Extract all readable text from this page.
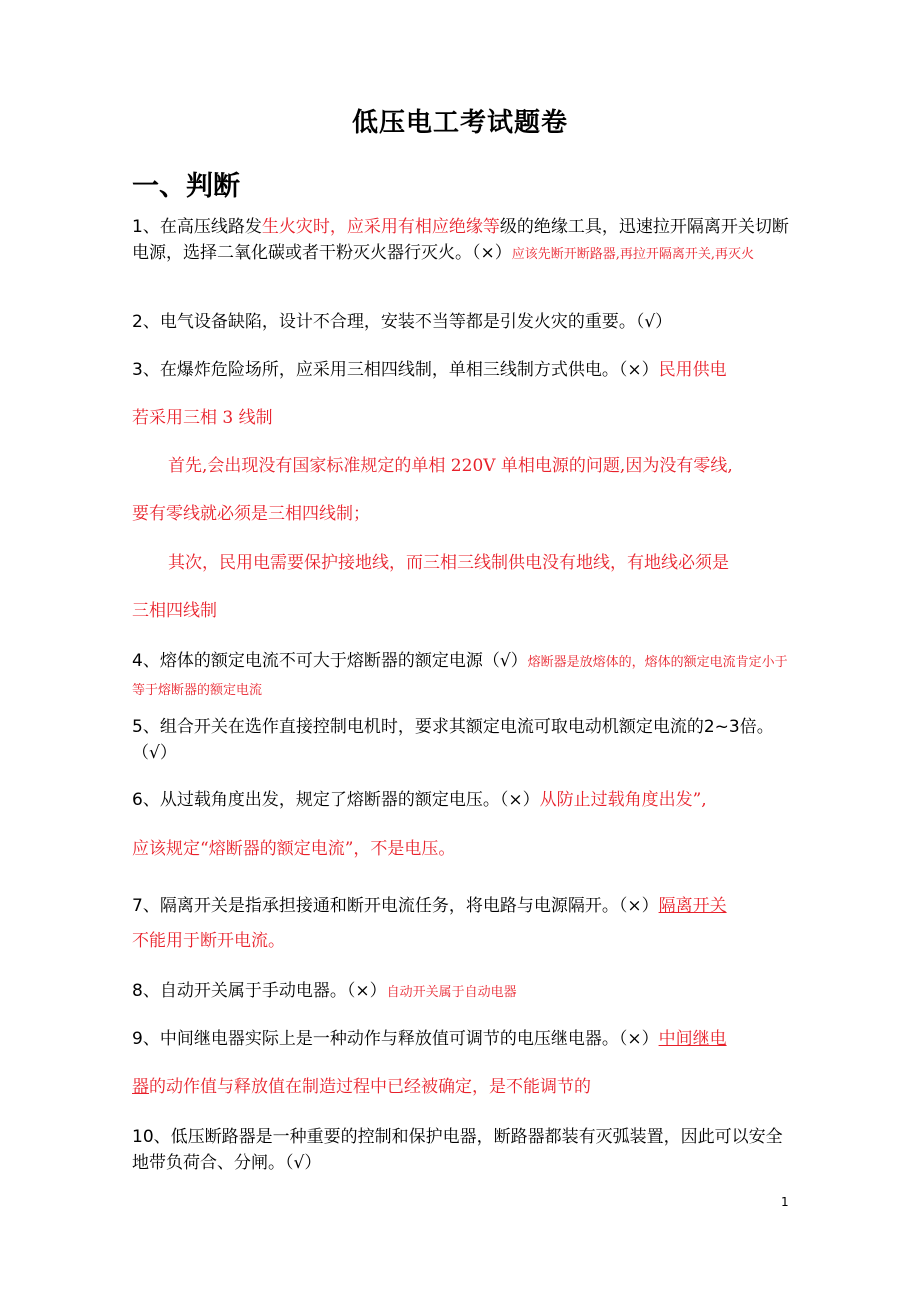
低压电工考试题卷
一、判断
1、在高压线路发生火灾时，应采用有相应绝缘等级的绝缘工具，迅速拉开隔离开关切断电源，选择二氧化碳或者干粉灭火器行灭火。（×）应该先断开断路器,再拉开隔离开关,再灭火
2、电气设备缺陷，设计不合理，安装不当等都是引发火灾的重要。（√）
3、在爆炸危险场所，应采用三相四线制，单相三线制方式供电。（×）民用供电
若采用三相 3 线制
首先,会出现没有国家标准规定的单相 220V 单相电源的问题,因为没有零线,
要有零线就必须是三相四线制；
其次，民用电需要保护接地线，而三相三线制供电没有地线，有地线必须是
三相四线制
4、熔体的额定电流不可大于熔断器的额定电源（√）熔断器是放熔体的，熔体的额定电流肯定小于等于熔断器的额定电流
5、组合开关在选作直接控制电机时，要求其额定电流可取电动机额定电流的2~3倍。（√）
6、从过载角度出发，规定了熔断器的额定电压。（×）从防止过载角度出发”,
应该规定“熔断器的额定电流”，不是电压。
7、隔离开关是指承担接通和断开电流任务，将电路与电源隔开。（×）隔离开关
不能用于断开电流。
8、自动开关属于手动电器。（×）自动开关属于自动电器
9、中间继电器实际上是一种动作与释放值可调节的电压继电器。（×）中间继电
器的动作值与释放值在制造过程中已经被确定，是不能调节的
10、低压断路器是一种重要的控制和保护电器，断路器都装有灭弧装置，因此可以安全地带负荷合、分闸。（√）
1
